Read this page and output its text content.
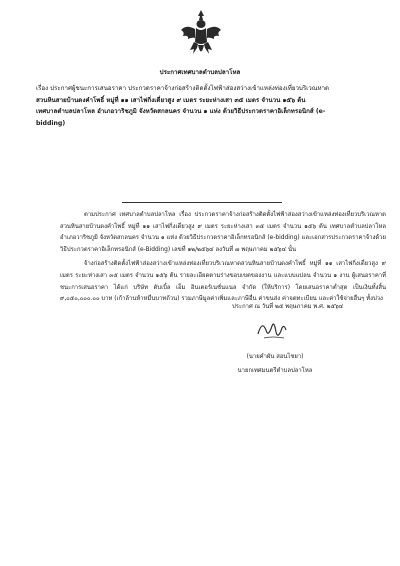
ประกาศเทศบาลตำบลปลาโหล
เรื่อง ประกาศผู้ชนะการเสนอราคา ประกวดราคาจ้างก่อสร้างติดตั้งไฟฟ้าส่องสว่างเข้าแหล่งท่องเที่ยวบริเวณหาด
สวนหินสายบ้านดงคำโพธิ์ หมู่ที่ ๑๑ เสาไฟกิ่งเดี่ยวสูง ๙ เมตร ระยะห่างเสา ๓๕ เมตร จำนวน ๑๕๖ ต้น
เทศบาลตำบลปลาโหล อำเภอวาริชภูมิ จังหวัดสกลนคร จำนวน ๑ แห่ง ด้วยวิธีประกวดราคาอิเล็กทรอนิกส์ (e-
bidding)

ตามประกาศ เทศบาลตำบลปลาโหล เรื่อง ประกวดราคาจ้างก่อสร้างติดตั้งไฟฟ้าส่องสว่างเข้าแหล่งท่องเที่ยวบริเวณหาดสวนหินสายบ้านดงคำโพธิ์ หมู่ที่ ๑๑ เสาไฟกิ่งเดี่ยวสูง ๙ เมตร ระยะห่างเสา ๓๕ เมตร จำนวน ๑๕๖ ต้น เทศบาลตำบลปลาโหล อำเภอวาริชภูมิ จังหวัดสกลนคร จำนวน ๑ แห่ง ด้วยวิธีประกวดราคาอิเล็กทรอนิกส์ (e-bidding) และเอกสารประกวดราคาจ้างด้วยวิธีประกวดราคาอิเล็กทรอนิกส์ (e-Bidding) เลขที่ ๑๒/๒๕๖๔ ลงวันที่ ๗ พฤษภาคม ๒๕๖๔ นั้น

จ้างก่อสร้างติดตั้งไฟฟ้าส่องสว่างเข้าแหล่งท่องเที่ยวบริเวณหาดสวนหินสายบ้านดงคำโพธิ์ หมู่ที่ ๑๑ เสาไฟกิ่งเดี่ยวสูง ๙ เมตร ระยะห่างเสา ๓๕ เมตร จำนวน ๑๕๖ ต้น รายละเอียดตามร่างขอบเขตของงาน และแบบแปลน จำนวน ๑ งาน ผู้เสนอราคาที่ชนะการเสนอราคา ได้แก่ บริษัท ดับเบิ้ล เอ็ม อินเตอร์เนชั่นแนล จำกัด (ให้บริการ) โดยเสนอราคาต่ำสุด เป็นเงินทั้งสิ้น ๙,๐๕๐,๐๐๐.๐๐ บาท (เก้าล้านห้าหมื่นบาทถ้วน) รวมภาษีมูลค่าเพิ่มและภาษีอื่น ค่าขนส่ง ค่าจดทะเบียน และค่าใช้จ่ายอื่นๆ ทั้งปวง

ประกาศ ณ วันที่ ๒๕ พฤษภาคม พ.ศ. ๒๕๖๔
(นายคำผัน สอนไชยา)
นายกเทศมนตรีตำบลปลาโหล
